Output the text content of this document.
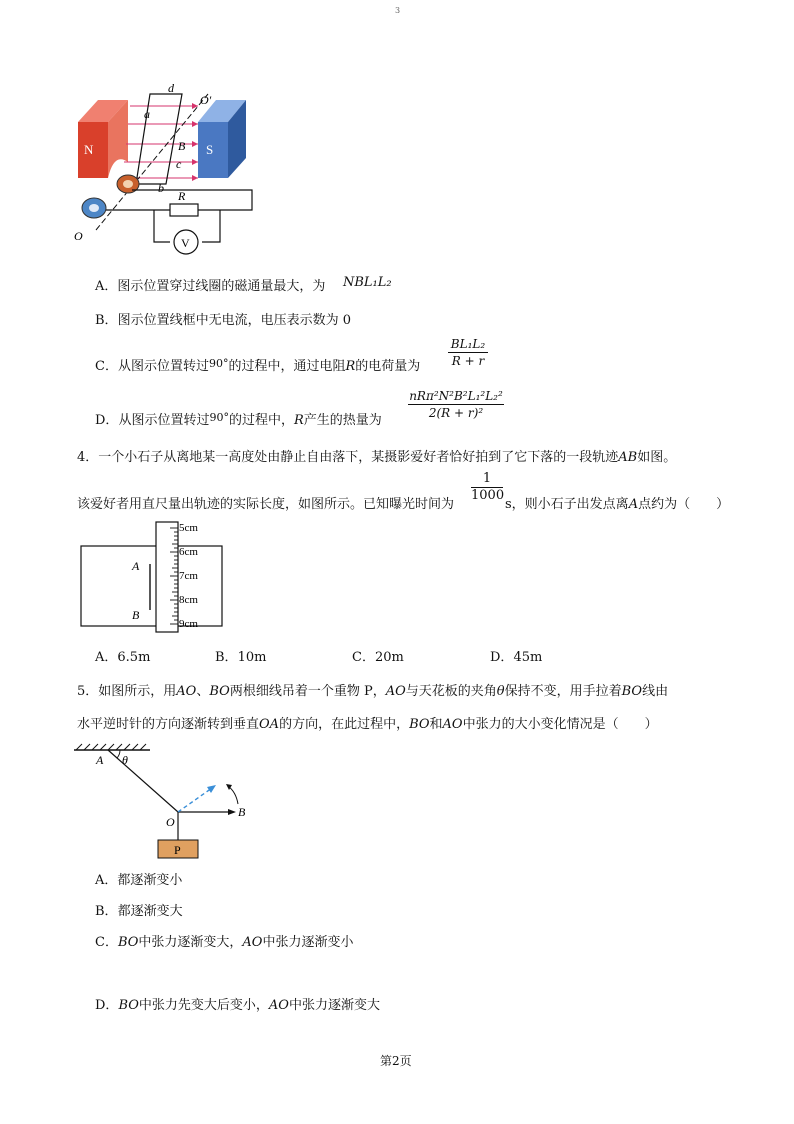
3
N	S
d
O′
a
B
c
b
R
O	V
A．图示位置穿过线圈的磁通量最大，为 NBL₁L₂
B．图示位置线框中无电流，电压表示数为 0
C．从图示位置转过$^{90^\circ}$的过程中，通过电阻R的电荷量为
BL₁L₂
R + r
D．从图示位置转过$^{90^\circ}$的过程中，R产生的热量为
nRπ²N²B²L₁²L₂²
2(R + r)²
4．一个小石子从离地某一高度处由静止自由落下，某摄影爱好者恰好拍到了它下落的一段轨迹AB如图。
该爱好者用直尺量出轨迹的实际长度，如图所示。已知曝光时间为
1
1000
s，则小石子出发点离A点约为（　　）
5cm
6cm
7cm
8cm
9cm
A
B
A．6.5m	B．10m	C．20m	D．45m
5．如图所示，用AO、BO两根细线吊着一个重物 P，AO与天花板的夹角θ保持不变，用手拉着BO线由
水平逆时针的方向逐渐转到垂直OA的方向，在此过程中，BO和AO中张力的大小变化情况是（　　）
A θ
O
B
P
A．都逐渐变小
B．都逐渐变大
C．BO中张力逐渐变大，AO中张力逐渐变小
D．BO中张力先变大后变小，AO中张力逐渐变大
第2页
